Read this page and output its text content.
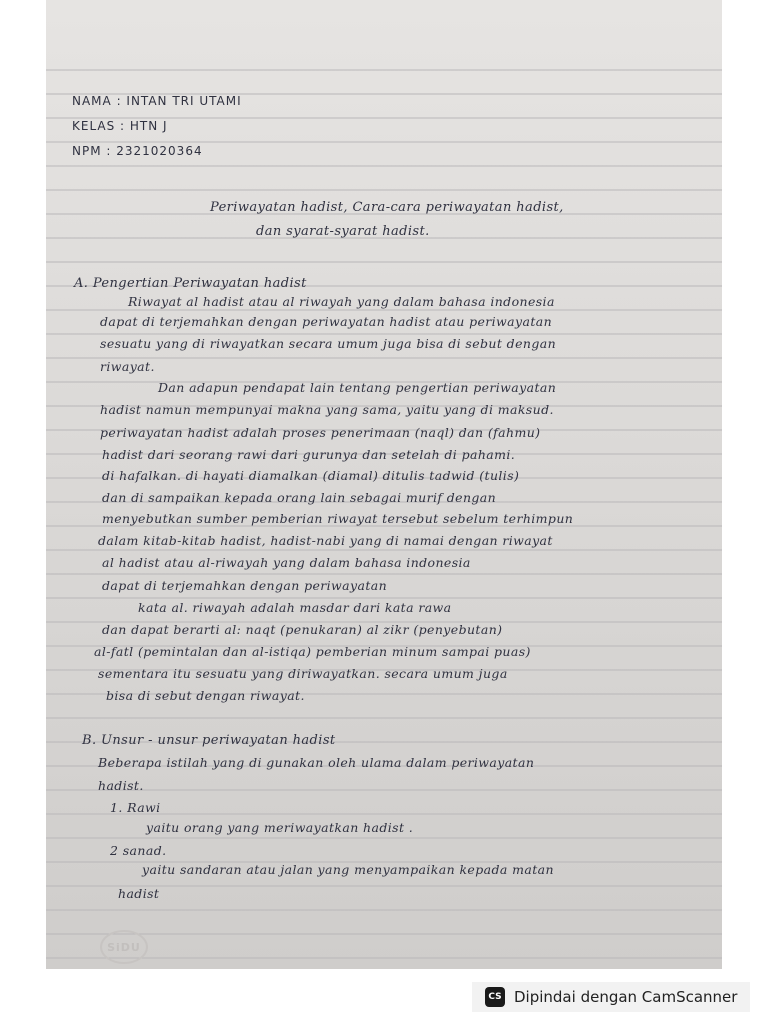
NAMA : INTAN TRI UTAMI

KELAS : HTN J

NPM : 2321020364

Periwayatan hadist, Cara-cara periwayatan hadist,

dan syarat-syarat hadist.

A. Pengertian Periwayatan hadist

Riwayat al hadist atau al riwayah yang dalam bahasa indonesia

dapat di terjemahkan dengan periwayatan hadist atau periwayatan

sesuatu yang di riwayatkan secara umum juga bisa di sebut dengan

riwayat.

Dan adapun pendapat lain tentang pengertian periwayatan

hadist namun mempunyai makna yang sama, yaitu yang di maksud.

periwayatan hadist adalah proses penerimaan (naql) dan (fahmu)

hadist dari seorang rawi dari gurunya dan setelah di pahami.

di hafalkan. di hayati diamalkan (diamal) ditulis tadwid (tulis)

dan di sampaikan kepada orang lain sebagai murif dengan

menyebutkan sumber pemberian riwayat tersebut sebelum terhimpun

dalam kitab-kitab hadist, hadist-nabi yang di namai dengan riwayat

al hadist atau al-riwayah yang dalam bahasa indonesia

dapat di terjemahkan dengan periwayatan

kata al. riwayah adalah masdar dari kata rawa

dan dapat berarti al: naqt (penukaran) al zikr (penyebutan)

al-fatl (pemintalan dan al-istiqa) pemberian minum sampai puas)

sementara itu sesuatu yang diriwayatkan. secara umum juga

bisa di sebut dengan riwayat.

B. Unsur - unsur periwayatan hadist

Beberapa istilah yang di gunakan oleh ulama dalam periwayatan

hadist.

1. Rawi

yaitu orang yang meriwayatkan hadist .

2 sanad.

yaitu sandaran atau jalan yang menyampaikan kepada matan

hadist

SiDU
CS Dipindai dengan CamScanner
